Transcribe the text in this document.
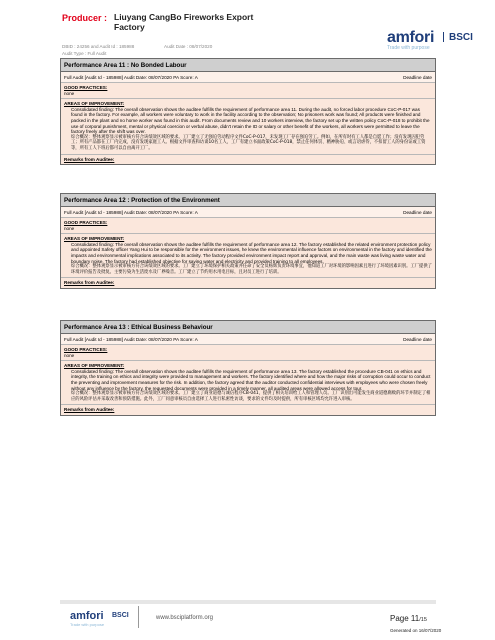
Producer : Liuyang CangBo Fireworks Export Factory
DBID : 24256 and Audit Id : 185988	Audit Date : 08/07/2020
Audit Type : Full Audit
amfori BSCI
Trade with purpose
Performance Area 11 : No Bonded Labour
Full Audit [Audit Id - 185988] Audit Date: 08/07/2020 PA Score: A	Deadline date
GOOD PRACTICES:
none
AREAS OF IMPROVEMENT:
Consolidated finding: The overall observation shows the auditee fulfills the requirement of performance area 11. During the audit, no forced labor procedure CoC-P-017 was found in the factory. For example, all workers were voluntary to work in the facility according to the observation; No prisoners work was found; All products were finished and packed in the plant and no home worker was found in this audit. From documents review and 10 workers interview, the factory set up the written policy CoC-P-018 to prohibit the use of corporal punishment, mental or physical coercion or verbal abuse, didn't retain the ID or salary or other benefit of the workers, all workers were permitted to leave the factory freely after the shift was over.
综合概况：整体观察显示被审核方符合该绩效区域的要求。工厂建立了无强迫劳动程序文件CoC-P-017，未发现工厂存在强迫劳工。例如，在所有时有工人都是自愿工作；没有发现囚犯劳工；所有产品都在工厂内完成，没有发现家庭工人。根据文件审查和访谈10名工人，工厂有建立书面政策CoC-P-018，禁止任何体罚、精神胁迫、或言语虐待，不扣留工人的身份证或工资等，所有工人下班后都可以自由离开工厂。
Remarks from Auditee:
Performance Area 12 : Protection of the Environment
Full Audit [Audit Id - 185988] Audit Date: 08/07/2020 PA Score: A	Deadline date
GOOD PRACTICES:
none
AREAS OF IMPROVEMENT:
Consolidated finding: The overall observation shows the auditee fulfills the requirement of performance area 12. The factory established the related environment protection policy and appointed Safety officer Yang Hui to be responsible for the environment issues, he knew the environmental influence factors on environmental in the factory and identified the impacts and environmental implications associated to its activity. The factory provided environment impact report and approval, and the main waste was living waste water and boundary noise. The factory had established objective for saving water and electricity and provided training to all employees.
综合概况：整体观察显示被审核方符合该绩效区域的要求。工厂建立了环境保护相关政策并任命了安全员杨辉负责环境事宜，他知道工厂对环境的影响因素且进行了环境因素识别。工厂提供了环境评价报告及批复。主要污染为生活废水及厂界噪音。工厂建立了节约用水用电目标，且对员工进行了培训。
Remarks from Auditee:
Performance Area 13 : Ethical Business Behaviour
Full Audit [Audit Id - 185988] Audit Date: 08/07/2020 PA Score: A	Deadline date
GOOD PRACTICES:
none
AREAS OF IMPROVEMENT:
Consolidated finding: The overall observation shows the auditee fulfills the requirement of performance area 13. The factory established the procedure CB-041 on ethics and integrity, the training on ethics and integrity were provided to management and workers. The factory identified where and how the major risks of corruption could occur to conduct the preventing and improvement measures for the risk. In addition, the factory agreed that the auditor conducted confidential interviews with employees who were chosen freely without any influence by the factory, the requested documents were provided in a timely manner, all audited areas were allowed access for tour.
综合概况：整体观察显示被审核方符合该绩效区域的要求。工厂建立了商业道德与诚信程序CB-041，提供了相关培训给工人和管理人员。工厂识别出可能发生商业道德腐败的环节并制定了相应的风险评估并采取改善和预防措施。此外，工厂同意审核员自由选择工人进行私密性访谈，要求的文件均及时提供，所有审核区域均允许进入审核。
Remarks from Auditee:
amfori BSCI
Trade with purpose
www.bsciplatform.org	Page 11/15
Generated on 16/07/2020
